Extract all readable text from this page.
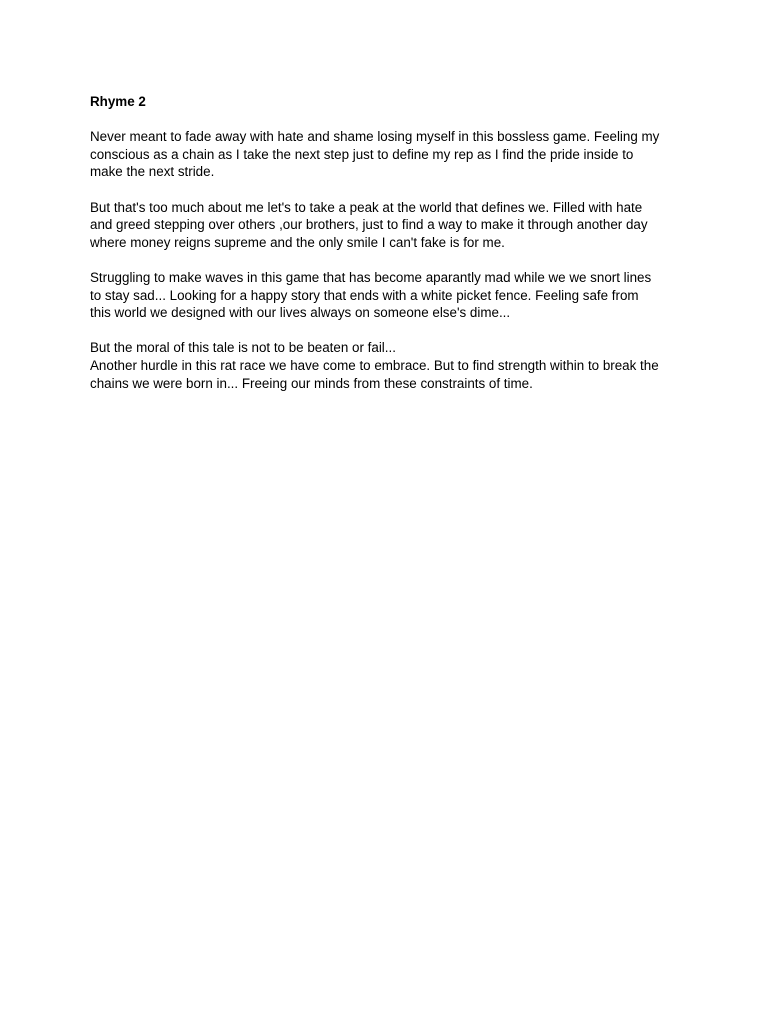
Rhyme 2
Never meant to fade away with hate and shame losing myself in this bossless game. Feeling my
conscious as a chain as I take the next step just to define my rep as I find the pride inside to
make the next stride.
But that's too much about me let's to take a peak at the world that defines we. Filled with hate
and greed stepping over others ,our brothers, just to find a way to make it through another day
where money reigns supreme and the only smile I can't fake is for me.
Struggling to make waves in this game that has become aparantly mad while we we snort lines
to stay sad... Looking for a happy story that ends with a white picket fence. Feeling safe from
this world we designed with our lives always on someone else's dime...
But the moral of this tale is not to be beaten or fail...
Another hurdle in this rat race we have come to embrace. But to find strength within to break the
chains we were born in... Freeing our minds from these constraints of time.
